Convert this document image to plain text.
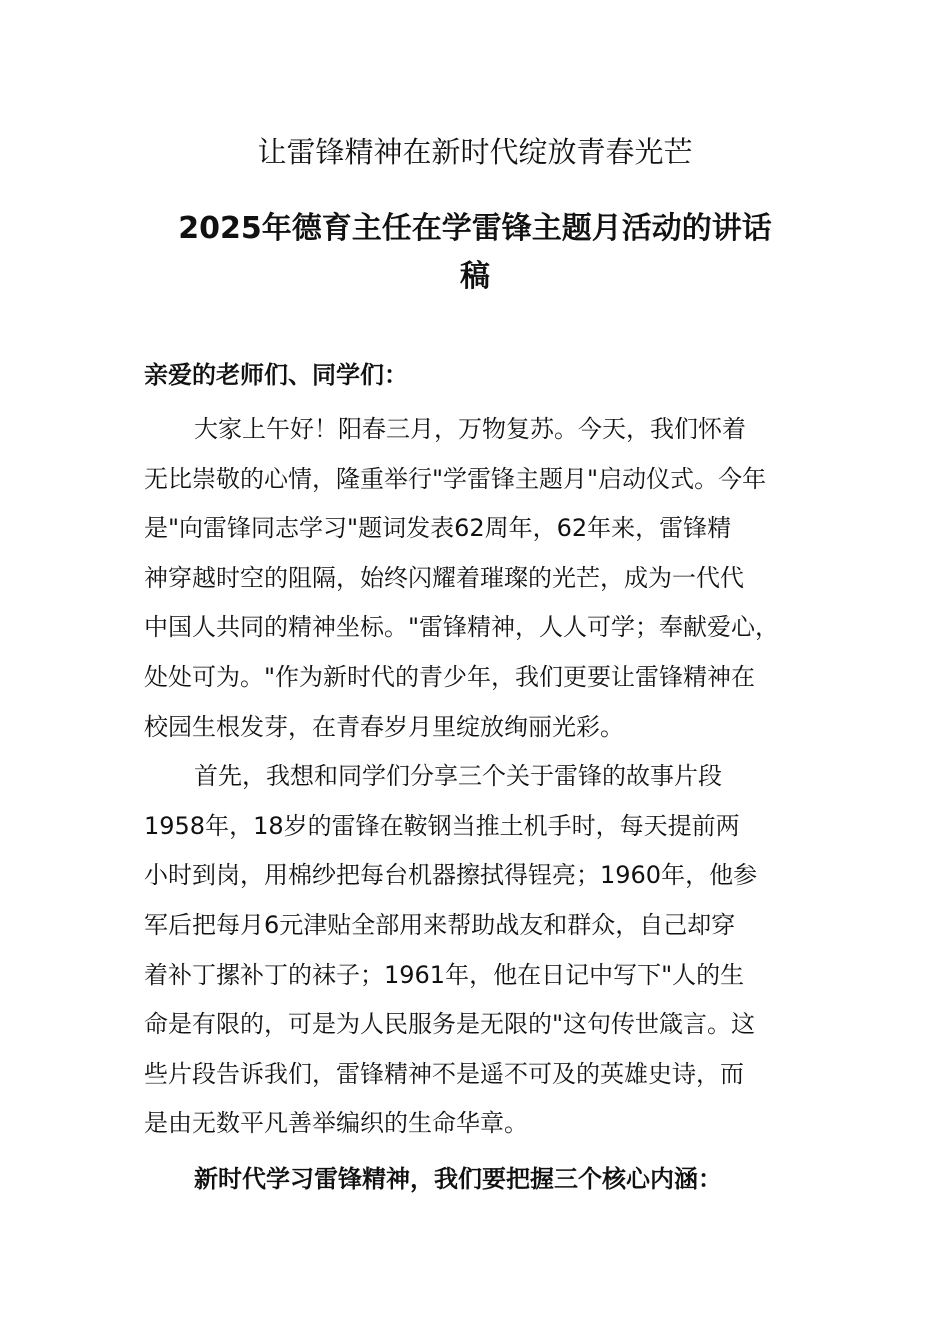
让雷锋精神在新时代绽放青春光芒
2025年德育主任在学雷锋主题月活动的讲话
稿

亲爱的老师们、同学们：

大家上午好！阳春三月，万物复苏。今天，我们怀着
无比崇敬的心情，隆重举行"学雷锋主题月"启动仪式。今年
是"向雷锋同志学习"题词发表62周年，62年来，雷锋精
神穿越时空的阻隔，始终闪耀着璀璨的光芒，成为一代代
中国人共同的精神坐标。"雷锋精神，人人可学；奉献爱心，
处处可为。"作为新时代的青少年，我们更要让雷锋精神在
校园生根发芽，在青春岁月里绽放绚丽光彩。
首先，我想和同学们分享三个关于雷锋的故事片段
1958年，18岁的雷锋在鞍钢当推土机手时，每天提前两
小时到岗，用棉纱把每台机器擦拭得锃亮；1960年，他参
军后把每月6元津贴全部用来帮助战友和群众，自己却穿
着补丁摞补丁的袜子；1961年，他在日记中写下"人的生
命是有限的，可是为人民服务是无限的"这句传世箴言。这
些片段告诉我们，雷锋精神不是遥不可及的英雄史诗，而
是由无数平凡善举编织的生命华章。

新时代学习雷锋精神，我们要把握三个核心内涵：
